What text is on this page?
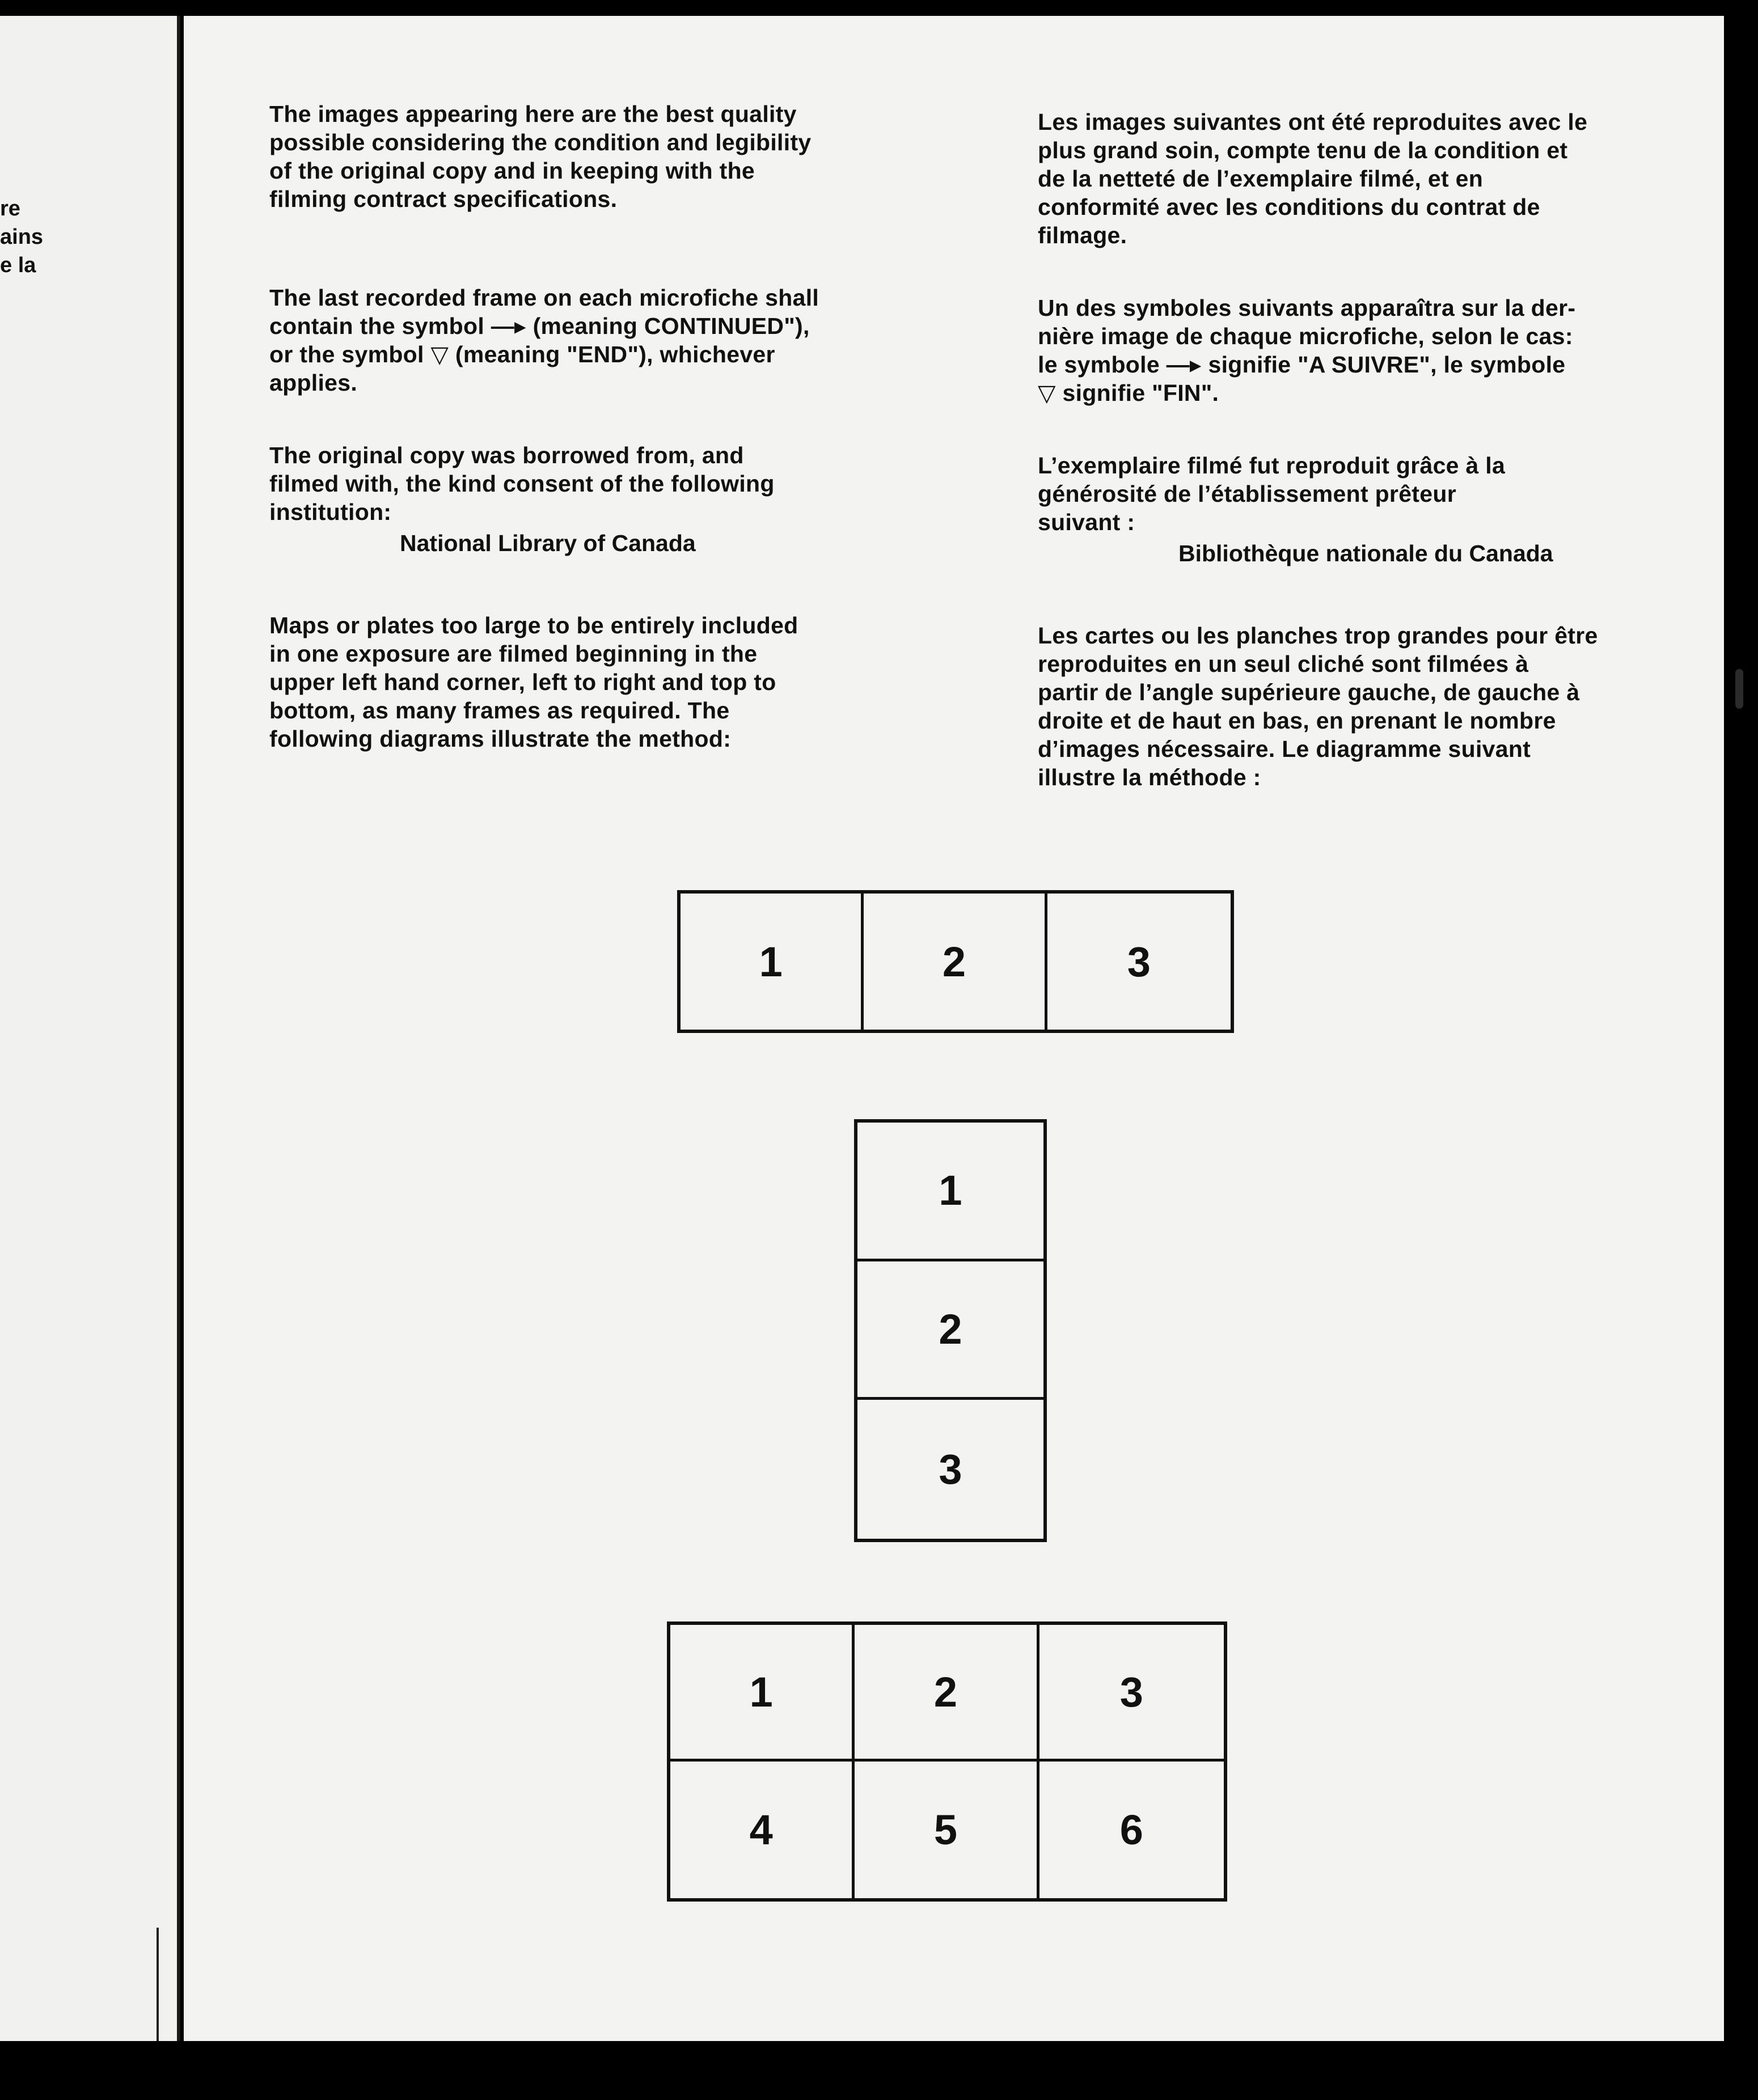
re
ains
e la
The images appearing here are the best quality
possible considering the condition and legibility
of the original copy and in keeping with the
filming contract specifications.
The last recorded frame on each microfiche shall
contain the symbol —▸ (meaning CONTINUED"),
or the symbol ▽ (meaning "END"), whichever
applies.
The original copy was borrowed from, and
filmed with, the kind consent of the following
institution:
National Library of Canada
Maps or plates too large to be entirely included
in one exposure are filmed beginning in the
upper left hand corner, left to right and top to
bottom, as many frames as required. The
following diagrams illustrate the method:
Les images suivantes ont été reproduites avec le
plus grand soin, compte tenu de la condition et
de la netteté de l’exemplaire filmé, et en
conformité avec les conditions du contrat de
filmage.
Un des symboles suivants apparaîtra sur la der-
nière image de chaque microfiche, selon le cas:
le symbole —▸ signifie "A SUIVRE", le symbole
▽ signifie "FIN".
L’exemplaire filmé fut reproduit grâce à la
générosité de l’établissement prêteur
suivant :
Bibliothèque nationale du Canada
Les cartes ou les planches trop grandes pour être
reproduites en un seul cliché sont filmées à
partir de l’angle supérieure gauche, de gauche à
droite et de haut en bas, en prenant le nombre
d’images nécessaire. Le diagramme suivant
illustre la méthode :
1	2	3
1
2
3
1	2	3
4	5	6
